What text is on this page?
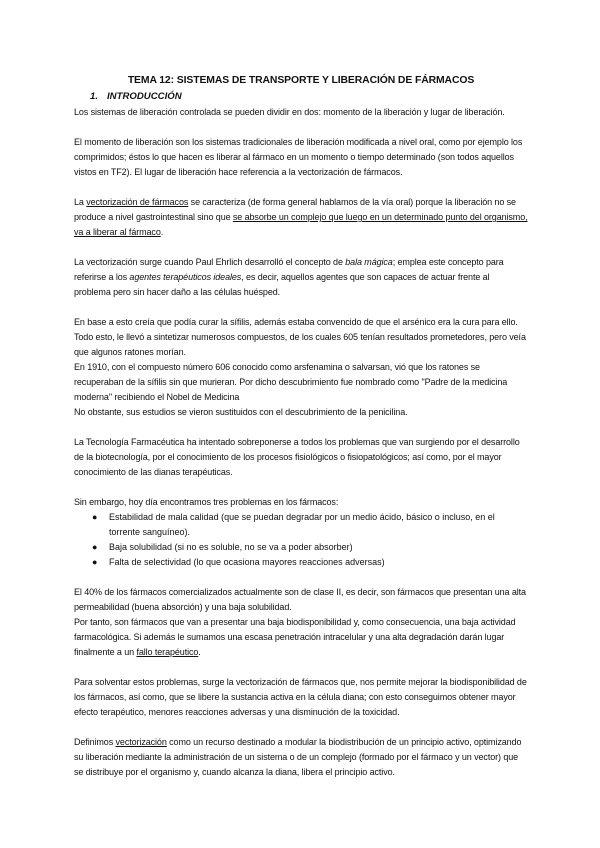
TEMA 12: SISTEMAS DE TRANSPORTE Y LIBERACIÓN DE FÁRMACOS
1. INTRODUCCIÓN

Los sistemas de liberación controlada se pueden dividir en dos: momento de la liberación y lugar de liberación.

El momento de liberación son los sistemas tradicionales de liberación modificada a nivel oral, como por ejemplo los comprimidos; éstos lo que hacen es liberar al fármaco en un momento o tiempo determinado (son todos aquellos vistos en TF2). El lugar de liberación hace referencia a la vectorización de fármacos.

La vectorización de fármacos se caracteriza (de forma general hablamos de la vía oral) porque la liberación no se produce a nivel gastrointestinal sino que se absorbe un complejo que luego en un determinado punto del organismo, va a liberar al fármaco.

La vectorización surge cuando Paul Ehrlich desarrolló el concepto de bala mágica; emplea este concepto para referirse a los agentes terapéuticos ideales, es decir, aquellos agentes que son capaces de actuar frente al problema pero sin hacer daño a las células huésped.

En base a esto creía que podía curar la sífilis, además estaba convencido de que el arsénico era la cura para ello. Todo esto, le llevó a sintetizar numerosos compuestos, de los cuales 605 tenían resultados prometedores, pero veía que algunos ratones morían.

En 1910, con el compuesto número 606 conocido como arsfenamina o salvarsan, vió que los ratones se recuperaban de la sífilis sin que murieran. Por dicho descubrimiento fue nombrado como "Padre de la medicina moderna" recibiendo el Nobel de Medicina

No obstante, sus estudios se vieron sustituidos con el descubrimiento de la penicilina.

La Tecnología Farmacéutica ha intentado sobreponerse a todos los problemas que van surgiendo por el desarrollo de la biotecnología, por el conocimiento de los procesos fisiológicos o fisiopatológicos; así como, por el mayor conocimiento de las dianas terapéuticas.

Sin embargo, hoy día encontramos tres problemas en los fármacos:

● Estabilidad de mala calidad (que se puedan degradar por un medio ácido, básico o incluso, en el torrente sanguíneo).
● Baja solubilidad (si no es soluble, no se va a poder absorber)
● Falta de selectividad (lo que ocasiona mayores reacciones adversas)

El 40% de los fármacos comercializados actualmente son de clase II, es decir, son fármacos que presentan una alta permeabilidad (buena absorción) y una baja solubilidad.

Por tanto, son fármacos que van a presentar una baja biodisponibilidad y, como consecuencia, una baja actividad farmacológica. Si además le sumamos una escasa penetración intracelular y una alta degradación darán lugar finalmente a un fallo terapéutico.

Para solventar estos problemas, surge la vectorización de fármacos que, nos permite mejorar la biodisponibilidad de los fármacos, así como, que se libere la sustancia activa en la célula diana; con esto conseguimos obtener mayor efecto terapéutico, menores reacciones adversas y una disminución de la toxicidad.

Definimos vectorización como un recurso destinado a modular la biodistribución de un principio activo, optimizando su liberación mediante la administración de un sistema o de un complejo (formado por el fármaco y un vector) que se distribuye por el organismo y, cuando alcanza la diana, libera el principio activo.
